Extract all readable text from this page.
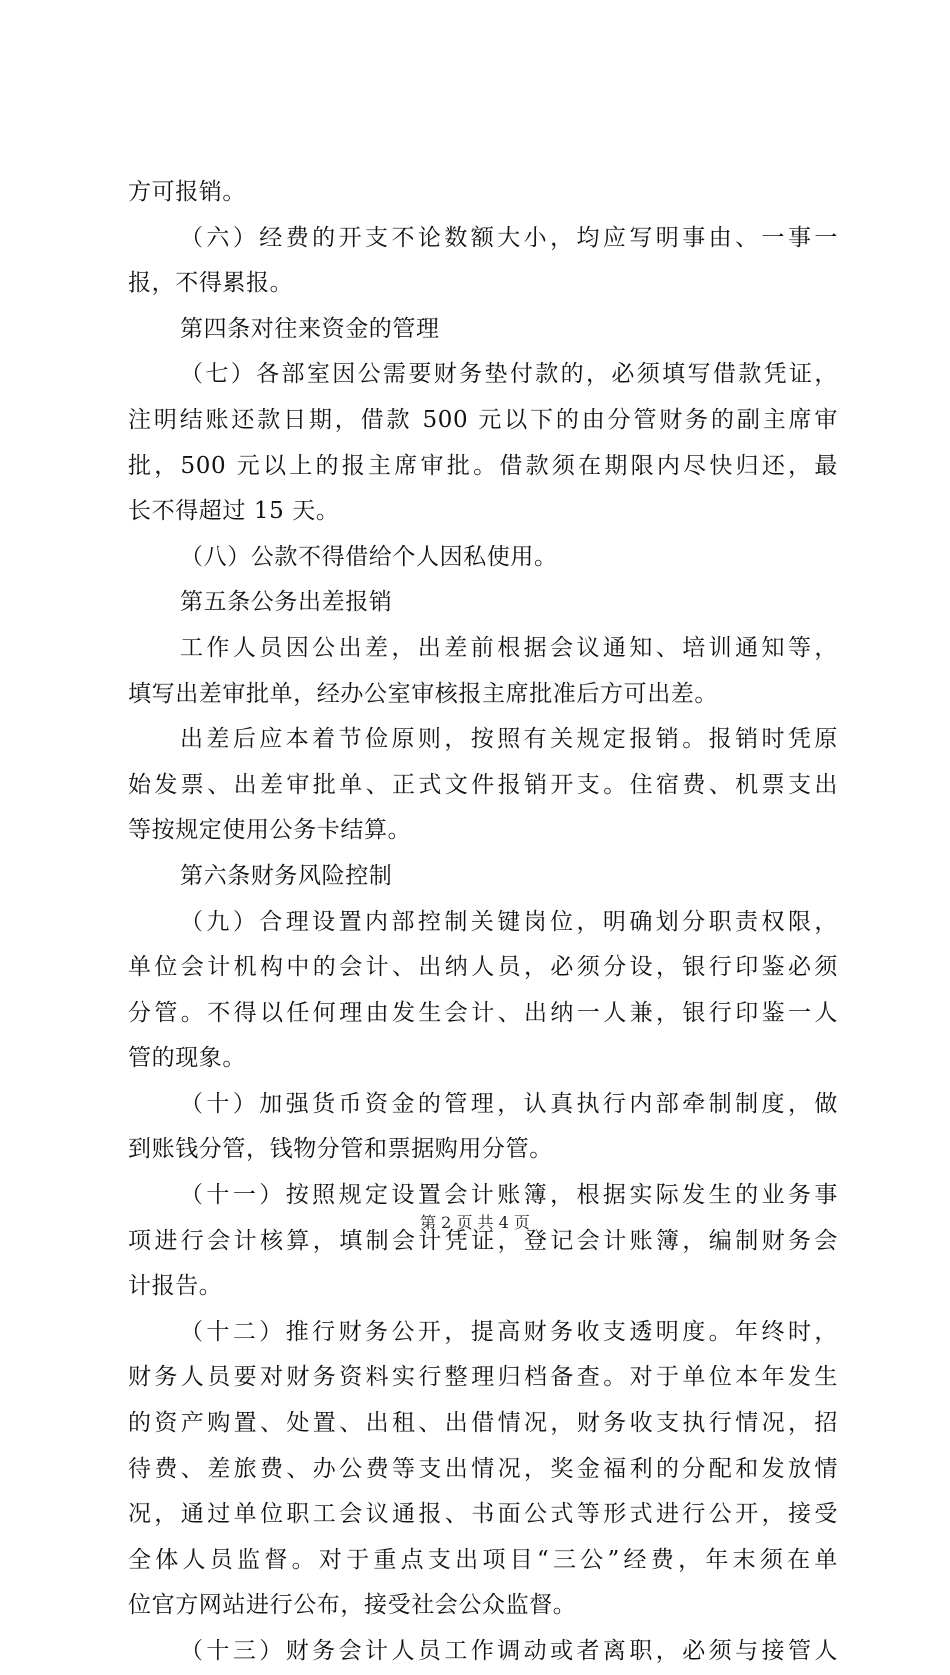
方可报销。
（六）经费的开支不论数额大小，均应写明事由、一事一
报，不得累报。
第四条对往来资金的管理
（七）各部室因公需要财务垫付款的，必须填写借款凭证，
注明结账还款日期，借款 500 元以下的由分管财务的副主席审
批，500 元以上的报主席审批。借款须在期限内尽快归还，最
长不得超过 15 天。
（八）公款不得借给个人因私使用。
第五条公务出差报销
工作人员因公出差，出差前根据会议通知、培训通知等，
填写出差审批单，经办公室审核报主席批准后方可出差。
出差后应本着节俭原则，按照有关规定报销。报销时凭原
始发票、出差审批单、正式文件报销开支。住宿费、机票支出
等按规定使用公务卡结算。
第六条财务风险控制
（九）合理设置内部控制关键岗位，明确划分职责权限，
单位会计机构中的会计、出纳人员，必须分设，银行印鉴必须
分管。不得以任何理由发生会计、出纳一人兼，银行印鉴一人
管的现象。
（十）加强货币资金的管理，认真执行内部牵制制度，做
到账钱分管，钱物分管和票据购用分管。
（十一）按照规定设置会计账簿，根据实际发生的业务事
项进行会计核算，填制会计凭证，登记会计账簿，编制财务会
计报告。
（十二）推行财务公开，提高财务收支透明度。年终时，
财务人员要对财务资料实行整理归档备查。对于单位本年发生
的资产购置、处置、出租、出借情况，财务收支执行情况，招
待费、差旅费、办公费等支出情况，奖金福利的分配和发放情
况，通过单位职工会议通报、书面公式等形式进行公开，接受
全体人员监督。对于重点支出项目“三公”经费，年末须在单
位官方网站进行公布，接受社会公众监督。
（十三）财务会计人员工作调动或者离职，必须与接管人
第 2 页 共 4 页
